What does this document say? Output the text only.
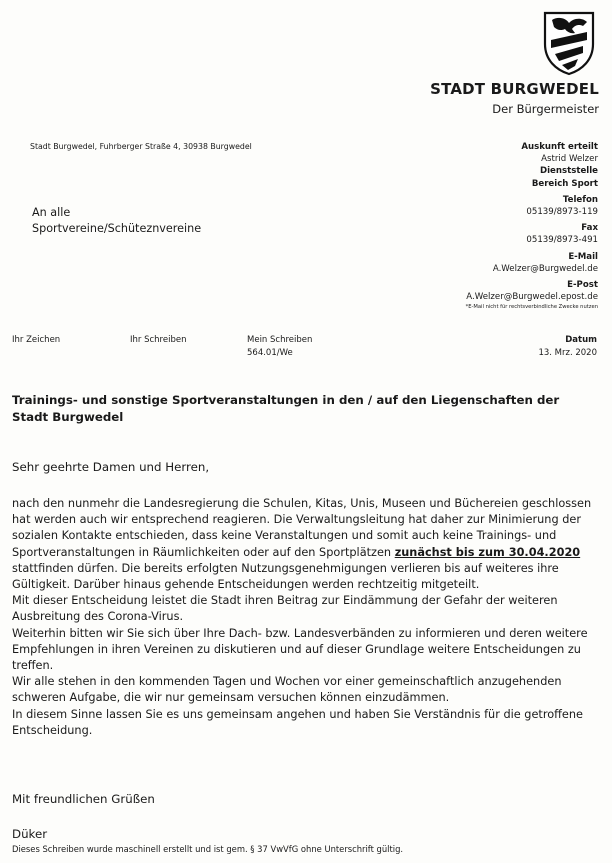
STADT BURGWEDEL
Der Bürgermeister
Stadt Burgwedel, Fuhrberger Straße 4, 30938 Burgwedel
An alle
Sportvereine/Schüteznvereine
Auskunft erteilt
Astrid Welzer
Dienststelle
Bereich Sport
Telefon
05139/8973-119
Fax
05139/8973-491
E-Mail
A.Welzer@Burgwedel.de
E-Post
A.Welzer@Burgwedel.epost.de
*E-Mail nicht für rechtsverbindliche Zwecke nutzen
Ihr Zeichen	Ihr Schreiben	Mein Schreiben
564.01/We
Datum
13. Mrz. 2020
Trainings- und sonstige Sportveranstaltungen in den / auf den Liegenschaften der Stadt Burgwedel
Sehr geehrte Damen und Herren,

nach den nunmehr die Landesregierung die Schulen, Kitas, Unis, Museen und Büchereien geschlossen hat werden auch wir entsprechend reagieren. Die Verwaltungsleitung hat daher zur Minimierung der sozialen Kontakte entschieden, dass keine Veranstaltungen und somit auch keine Trainings- und Sportveranstaltungen in Räumlichkeiten oder auf den Sportplätzen zunächst bis zum 30.04.2020 stattfinden dürfen. Die bereits erfolgten Nutzungsgenehmigungen verlieren bis auf weiteres ihre Gültigkeit. Darüber hinaus gehende Entscheidungen werden rechtzeitig mitgeteilt.

Mit dieser Entscheidung leistet die Stadt ihren Beitrag zur Eindämmung der Gefahr der weiteren Ausbreitung des Corona-Virus.

Weiterhin bitten wir Sie sich über Ihre Dach- bzw. Landesverbänden zu informieren und deren weitere Empfehlungen in ihren Vereinen zu diskutieren und auf dieser Grundlage weitere Entscheidungen zu treffen.

Wir alle stehen in den kommenden Tagen und Wochen vor einer gemeinschaftlich anzugehenden schweren Aufgabe, die wir nur gemeinsam versuchen können einzudämmen.

In diesem Sinne lassen Sie es uns gemeinsam angehen und haben Sie Verständnis für die getroffene Entscheidung.

Mit freundlichen Grüßen
Düker
Dieses Schreiben wurde maschinell erstellt und ist gem. § 37 VwVfG ohne Unterschrift gültig.
